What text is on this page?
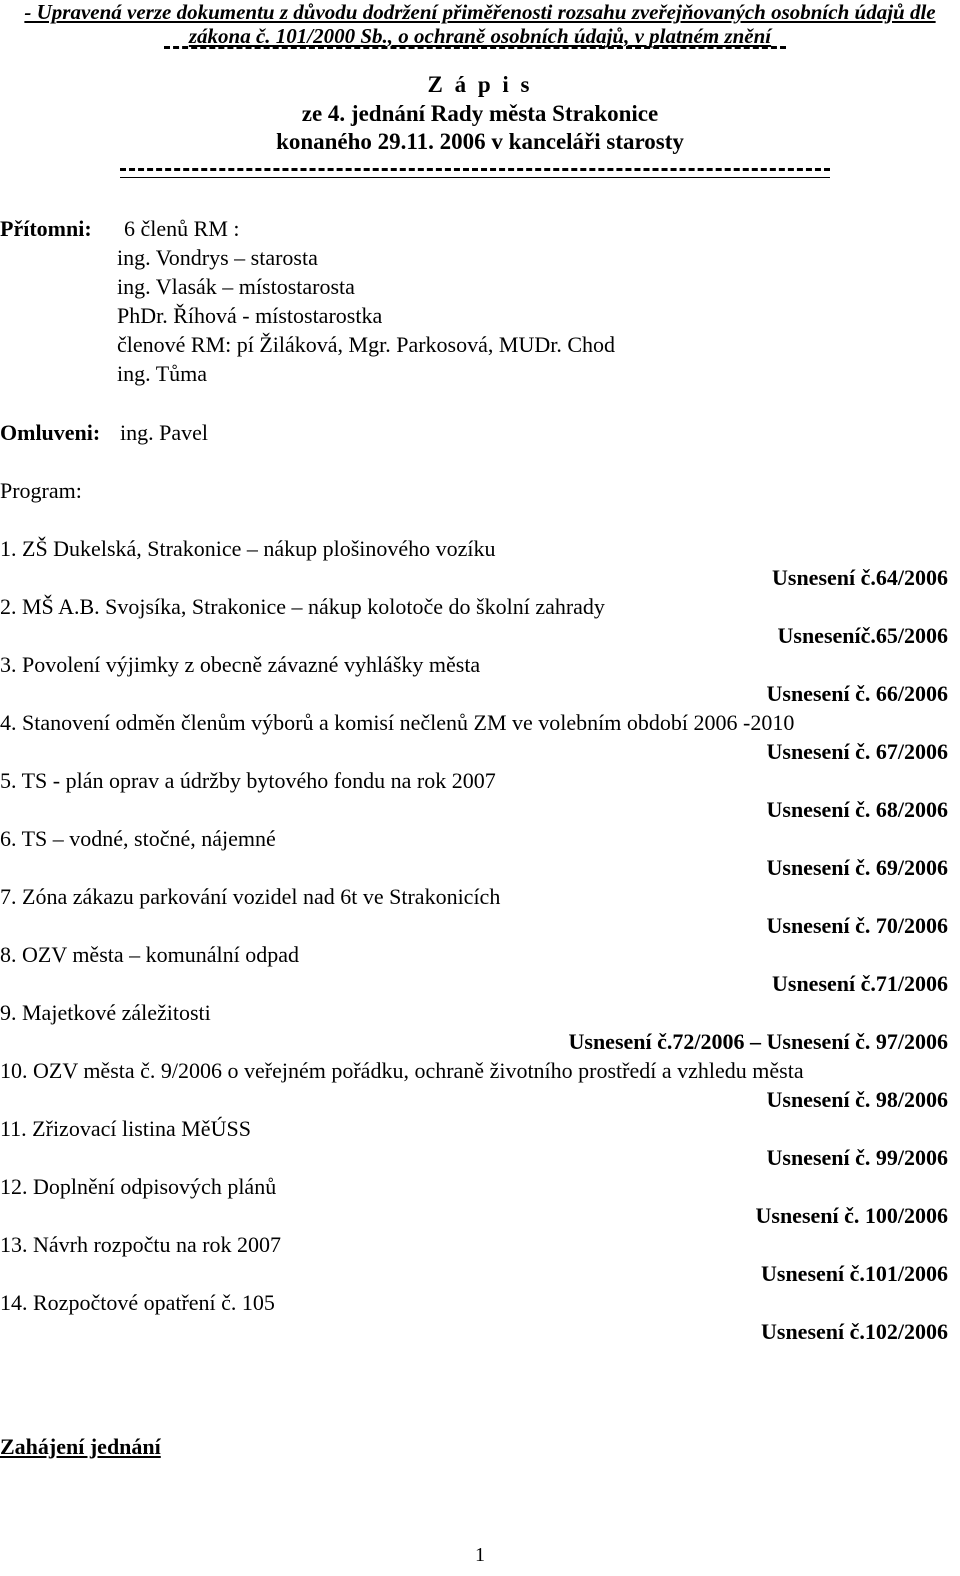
- Upravená verze dokumentu z důvodu dodržení přiměřenosti rozsahu zveřejňovaných osobních údajů dle
zákona č. 101/2000 Sb., o ochraně osobních údajů, v platném znění
Z á p i s
ze 4. jednání Rady města Strakonice
konaného 29.11. 2006 v kanceláři starosty
Přítomni: 6 členů RM :
ing. Vondrys – starosta
ing. Vlasák – místostarosta
PhDr. Říhová - místostarostka
členové RM: pí Žiláková, Mgr. Parkosová, MUDr. Chod
ing. Tůma
Omluveni: ing. Pavel
Program:
1. ZŠ Dukelská, Strakonice – nákup plošinového vozíku
Usnesení č.64/2006
2. MŠ A.B. Svojsíka, Strakonice – nákup kolotoče do školní zahrady
Usneseníč.65/2006
3. Povolení výjimky z obecně závazné vyhlášky města
Usnesení č. 66/2006
4. Stanovení odměn členům výborů a komisí nečlenů ZM ve volebním období 2006 -2010
Usnesení č. 67/2006
5. TS - plán oprav a údržby bytového fondu na rok 2007
Usnesení č. 68/2006
6. TS – vodné, stočné, nájemné
Usnesení č. 69/2006
7. Zóna zákazu parkování vozidel nad 6t ve Strakonicích
Usnesení č. 70/2006
8. OZV města – komunální odpad
Usnesení č.71/2006
9. Majetkové záležitosti
Usnesení č.72/2006 – Usnesení č. 97/2006
10. OZV města č. 9/2006 o veřejném pořádku, ochraně životního prostředí a vzhledu města
Usnesení č. 98/2006
11. Zřizovací listina MěÚSS
Usnesení č. 99/2006
12. Doplnění odpisových plánů
Usnesení č. 100/2006
13. Návrh rozpočtu na rok 2007
Usnesení č.101/2006
14. Rozpočtové opatření č. 105
Usnesení č.102/2006
Zahájení jednání
1
